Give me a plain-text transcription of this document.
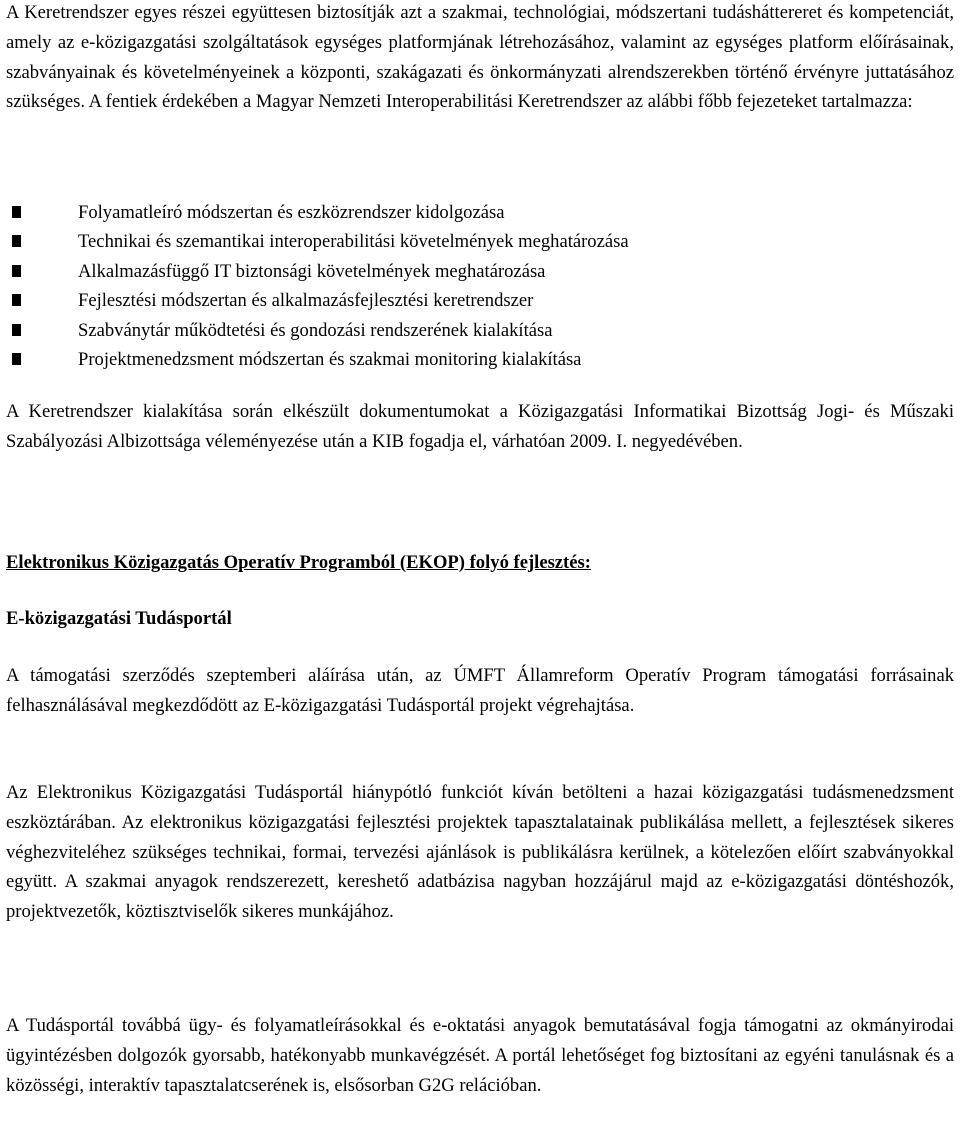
A Keretrendszer egyes részei együttesen biztosítják azt a szakmai, technológiai, módszertani tudásháttereret és kompetenciát, amely az e-közigazgatási szolgáltatások egységes platformjának létrehozásához, valamint az egységes platform előírásainak, szabványainak és követelményeinek a központi, szakágazati és önkormányzati alrendszerekben történő érvényre juttatásához szükséges. A fentiek érdekében a Magyar Nemzeti Interoperabilitási Keretrendszer az alábbi főbb fejezeteket tartalmazza:

Folyamatleíró módszertan és eszközrendszer kidolgozása
Technikai és szemantikai interoperabilitási követelmények meghatározása
Alkalmazásfüggő IT biztonsági követelmények meghatározása
Fejlesztési módszertan és alkalmazásfejlesztési keretrendszer
Szabványtár működtetési és gondozási rendszerének kialakítása
Projektmenedzsment módszertan és szakmai monitoring kialakítása

A Keretrendszer kialakítása során elkészült dokumentumokat a Közigazgatási Informatikai Bizottság Jogi- és Műszaki Szabályozási Albizottsága véleményezése után a KIB fogadja el, várhatóan 2009. I. negyedévében.

Elektronikus Közigazgatás Operatív Programból (EKOP) folyó fejlesztés:
E-közigazgatási Tudásportál

A támogatási szerződés szeptemberi aláírása után, az ÚMFT Államreform Operatív Program támogatási forrásainak felhasználásával megkezdődött az E-közigazgatási Tudásportál projekt végrehajtása.

Az Elektronikus Közigazgatási Tudásportál hiánypótló funkciót kíván betölteni a hazai közigazgatási tudásmenedzsment eszköztárában. Az elektronikus közigazgatási fejlesztési projektek tapasztalatainak publikálása mellett, a fejlesztések sikeres véghezviteléhez szükséges technikai, formai, tervezési ajánlások is publikálásra kerülnek, a kötelezően előírt szabványokkal együtt. A szakmai anyagok rendszerezett, kereshető adatbázisa nagyban hozzájárul majd az e-közigazgatási döntéshozók, projektvezetők, köztisztviselők sikeres munkájához.

A Tudásportál továbbá ügy- és folyamatleírásokkal és e-oktatási anyagok bemutatásával fogja támogatni az okmányirodai ügyintézésben dolgozók gyorsabb, hatékonyabb munkavégzését. A portál lehetőséget fog biztosítani az egyéni tanulásnak és a közösségi, interaktív tapasztalatcserének is, elsősorban G2G relációban.
